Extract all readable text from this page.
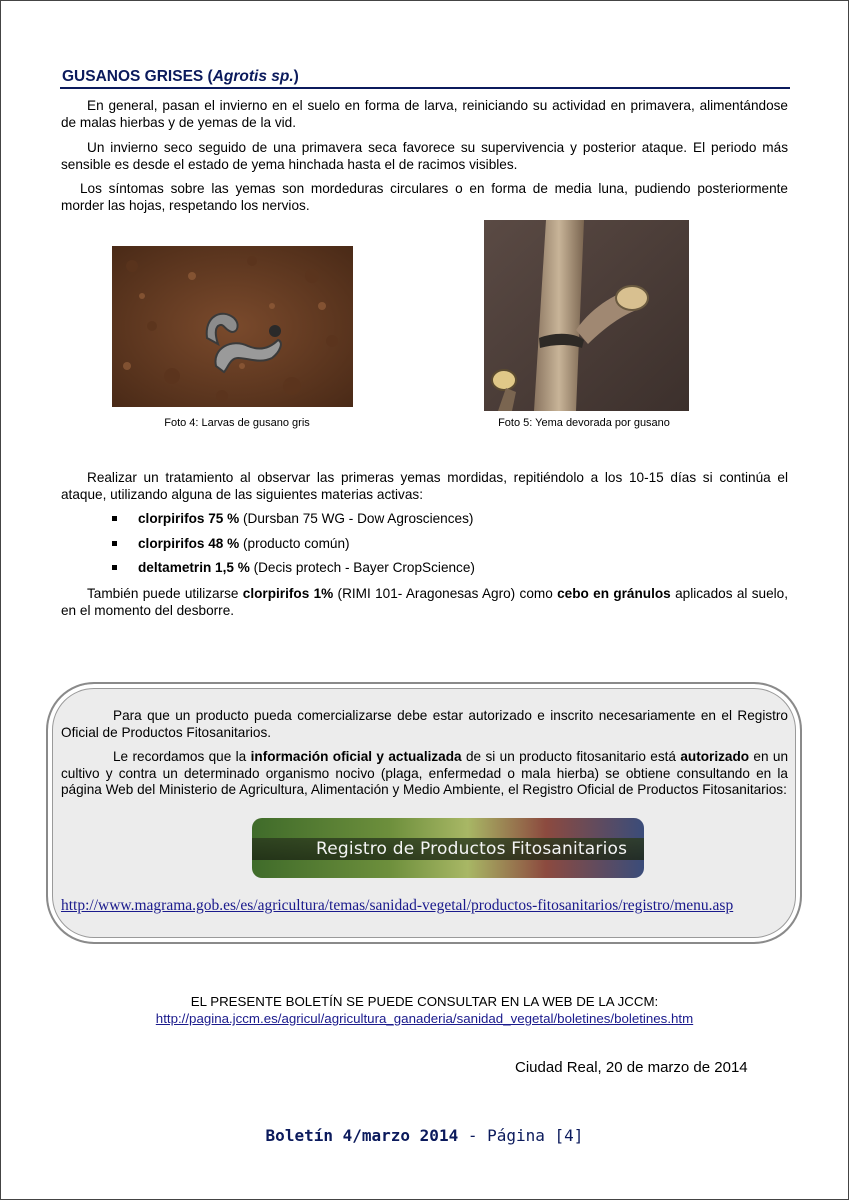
GUSANOS GRISES (Agrotis sp.)

En general, pasan el invierno en el suelo en forma de larva, reiniciando su actividad en primavera, alimentándose de malas hierbas y de yemas de la vid.

Un invierno seco seguido de una primavera seca favorece su supervivencia y posterior ataque. El periodo más sensible es desde el estado de yema hinchada hasta el de racimos visibles.

Los síntomas sobre las yemas son mordeduras circulares o en forma de media luna, pudiendo posteriormente morder las hojas, respetando los nervios.

Foto 4: Larvas de gusano gris	Foto 5: Yema devorada por gusano

Realizar un tratamiento al observar las primeras yemas mordidas, repitiéndolo a los 10-15 días si continúa el ataque, utilizando alguna de las siguientes materias activas:

clorpirifos 75 % (Dursban 75 WG - Dow Agrosciences)
clorpirifos 48 % (producto común)
deltametrin 1,5 % (Decis protech - Bayer CropScience)

También puede utilizarse clorpirifos 1% (RIMI 101- Aragonesas Agro) como cebo en gránulos aplicados al suelo, en el momento del desborre.

Para que un producto pueda comercializarse debe estar autorizado e inscrito necesariamente en el Registro Oficial de Productos Fitosanitarios.

Le recordamos que la información oficial y actualizada de si un producto fitosanitario está autorizado en un cultivo y contra un determinado organismo nocivo (plaga, enfermedad o mala hierba) se obtiene consultando en la página Web del Ministerio de Agricultura, Alimentación y Medio Ambiente, el Registro Oficial de Productos Fitosanitarios:

Registro de Productos Fitosanitarios
http://www.magrama.gob.es/es/agricultura/temas/sanidad-vegetal/productos-fitosanitarios/registro/menu.asp
EL PRESENTE BOLETÍN SE PUEDE CONSULTAR EN LA WEB DE LA JCCM:
http://pagina.jccm.es/agricul/agricultura_ganaderia/sanidad_vegetal/boletines/boletines.htm
Ciudad Real, 20 de marzo de 2014
Boletín 4/marzo 2014 - Página [4]
